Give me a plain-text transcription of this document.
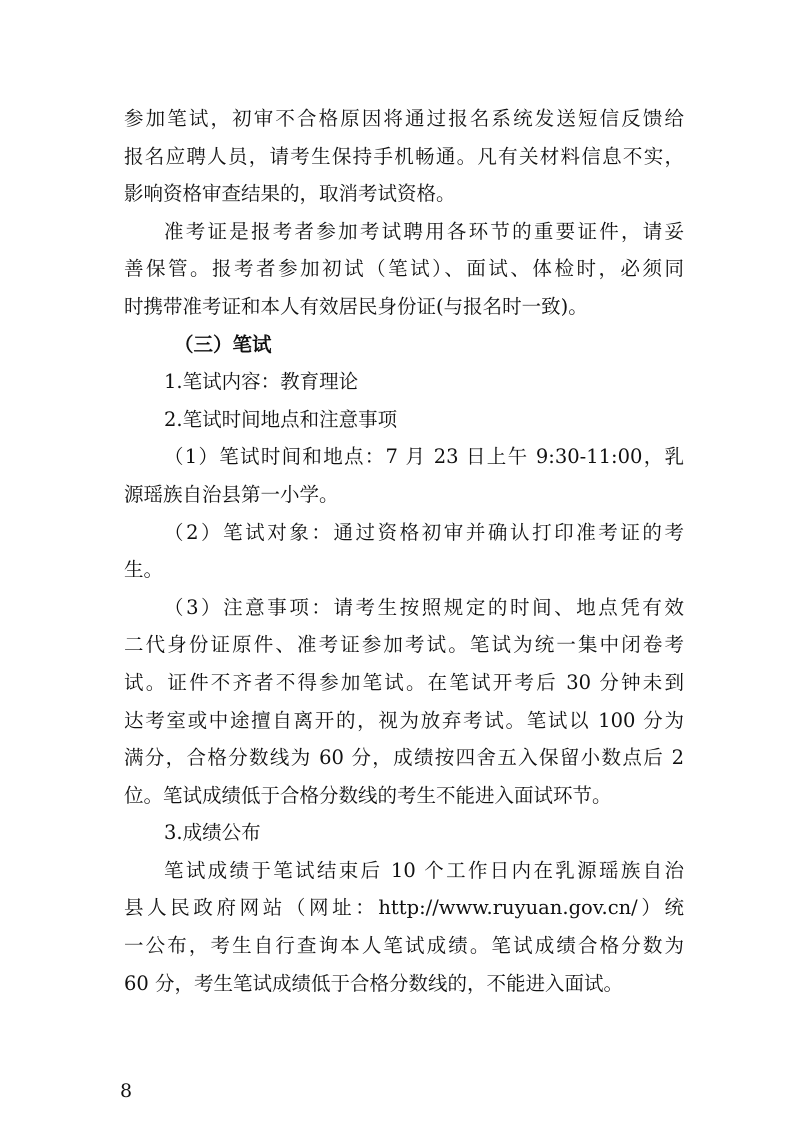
参加笔试，初审不合格原因将通过报名系统发送短信反馈给
报名应聘人员，请考生保持手机畅通。凡有关材料信息不实，
影响资格审查结果的，取消考试资格。
准考证是报考者参加考试聘用各环节的重要证件，请妥
善保管。报考者参加初试（笔试）、面试、体检时，必须同
时携带准考证和本人有效居民身份证(与报名时一致)。
（三）笔试
1.笔试内容：教育理论
2.笔试时间地点和注意事项
（1）笔试时间和地点：7 月 23 日上午 9:30-11:00，乳
源瑶族自治县第一小学。
（2）笔试对象：通过资格初审并确认打印准考证的考
生。
（3）注意事项：请考生按照规定的时间、地点凭有效
二代身份证原件、准考证参加考试。笔试为统一集中闭卷考
试。证件不齐者不得参加笔试。在笔试开考后 30 分钟未到
达考室或中途擅自离开的，视为放弃考试。笔试以 100 分为
满分，合格分数线为 60 分，成绩按四舍五入保留小数点后 2
位。笔试成绩低于合格分数线的考生不能进入面试环节。
3.成绩公布
笔试成绩于笔试结束后 10 个工作日内在乳源瑶族自治
县人民政府网站（网址：http://www.ruyuan.gov.cn/）统
一公布，考生自行查询本人笔试成绩。笔试成绩合格分数为
60 分，考生笔试成绩低于合格分数线的，不能进入面试。
8
